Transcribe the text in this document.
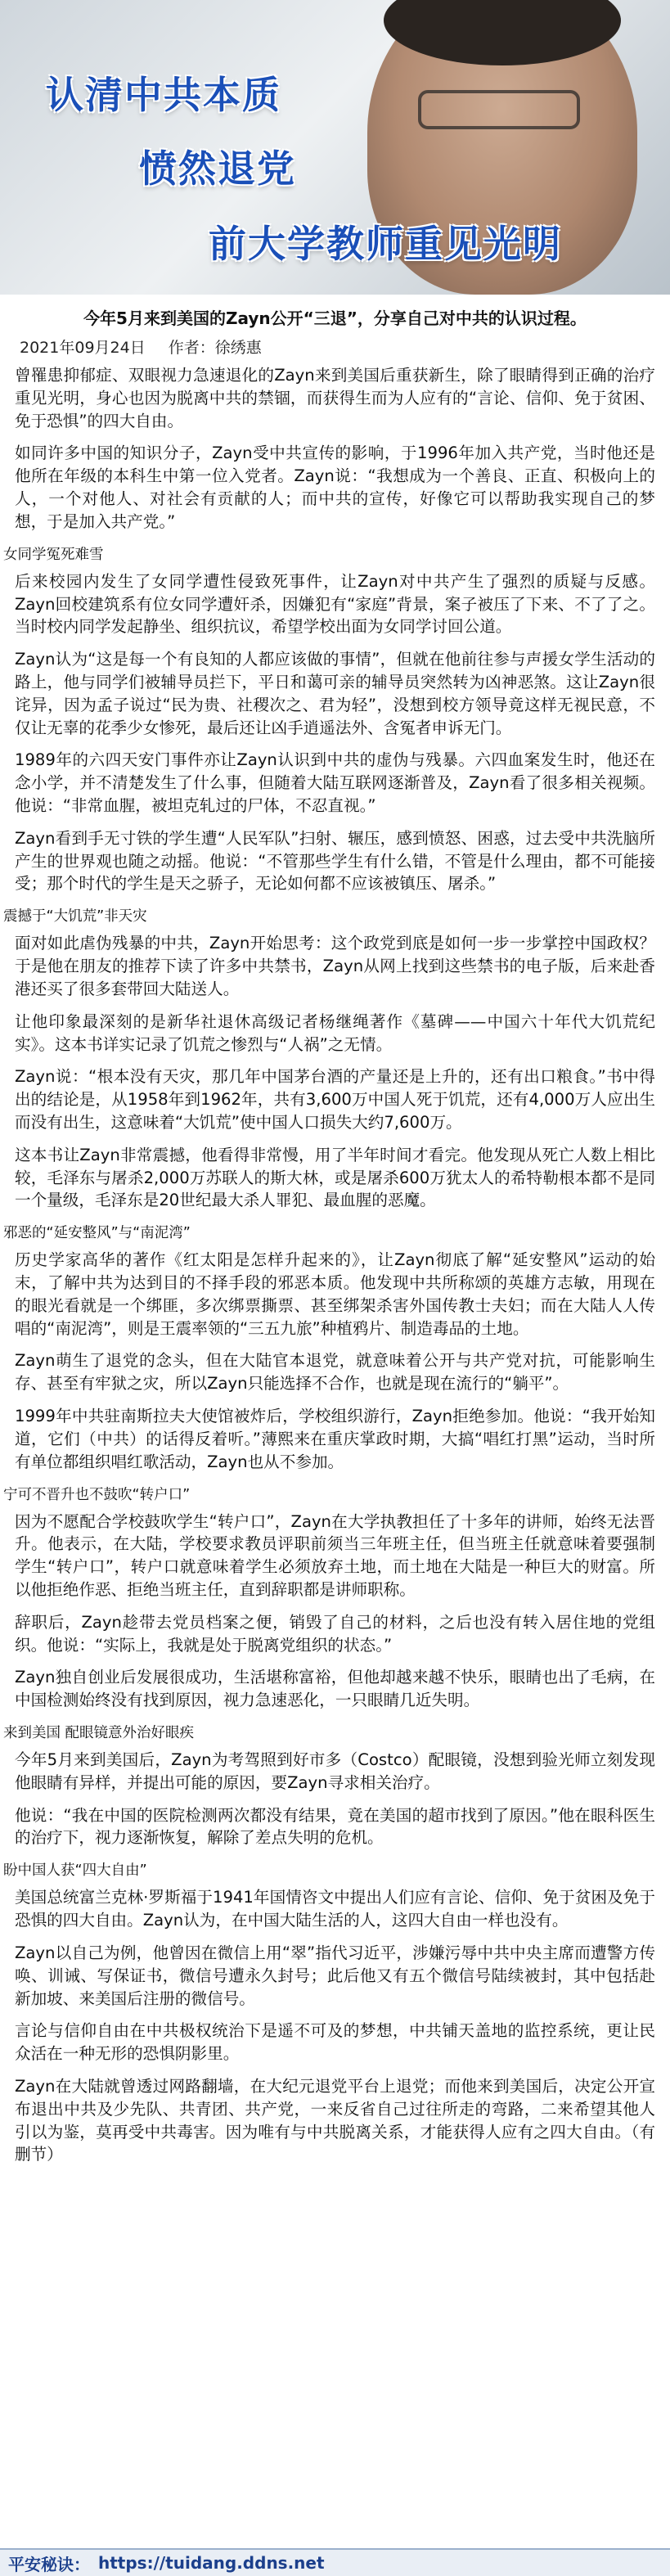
认清中共本质
愤然退党
前大学教师重见光明
今年5月来到美国的Zayn公开“三退”，分享自己对中共的认识过程。
2021年09月24日 作者：徐绣惠

曾罹患抑郁症、双眼视力急速退化的Zayn来到美国后重获新生，除了眼睛得到正确的治疗重见光明，身心也因为脱离中共的禁锢，而获得生而为人应有的“言论、信仰、免于贫困、免于恐惧”的四大自由。

如同许多中国的知识分子，Zayn受中共宣传的影响，于1996年加入共产党，当时他还是他所在年级的本科生中第一位入党者。Zayn说：“我想成为一个善良、正直、积极向上的人，一个对他人、对社会有贡献的人；而中共的宣传，好像它可以帮助我实现自己的梦想，于是加入共产党。”

女同学冤死难雪

后来校园内发生了女同学遭性侵致死事件，让Zayn对中共产生了强烈的质疑与反感。Zayn回校建筑系有位女同学遭奸杀，因嫌犯有“家庭”背景，案子被压了下来、不了了之。当时校内同学发起静坐、组织抗议，希望学校出面为女同学讨回公道。

Zayn认为“这是每一个有良知的人都应该做的事情”，但就在他前往参与声援女学生活动的路上，他与同学们被辅导员拦下，平日和蔼可亲的辅导员突然转为凶神恶煞。这让Zayn很诧异，因为孟子说过“民为贵、社稷次之、君为轻”，没想到校方领导竟这样无视民意，不仅让无辜的花季少女惨死，最后还让凶手逍遥法外、含冤者申诉无门。

1989年的六四天安门事件亦让Zayn认识到中共的虚伪与残暴。六四血案发生时，他还在念小学，并不清楚发生了什么事，但随着大陆互联网逐渐普及，Zayn看了很多相关视频。他说：“非常血腥，被坦克轧过的尸体，不忍直视。”

Zayn看到手无寸铁的学生遭“人民军队”扫射、辗压，感到愤怒、困惑，过去受中共洗脑所产生的世界观也随之动摇。他说：“不管那些学生有什么错，不管是什么理由，都不可能接受；那个时代的学生是天之骄子，无论如何都不应该被镇压、屠杀。”

震撼于“大饥荒”非天灾

面对如此虐伪残暴的中共，Zayn开始思考：这个政党到底是如何一步一步掌控中国政权？于是他在朋友的推荐下读了许多中共禁书，Zayn从网上找到这些禁书的电子版，后来赴香港还买了很多套带回大陆送人。

让他印象最深刻的是新华社退休高级记者杨继绳著作《墓碑——中国六十年代大饥荒纪实》。这本书详实记录了饥荒之惨烈与“人祸”之无情。

Zayn说：“根本没有天灾，那几年中国茅台酒的产量还是上升的，还有出口粮食。”书中得出的结论是，从1958年到1962年，共有3,600万中国人死于饥荒，还有4,000万人应出生而没有出生，这意味着“大饥荒”使中国人口损失大约7,600万。

这本书让Zayn非常震撼，他看得非常慢，用了半年时间才看完。他发现从死亡人数上相比较，毛泽东与屠杀2,000万苏联人的斯大林，或是屠杀600万犹太人的希特勒根本都不是同一个量级，毛泽东是20世纪最大杀人罪犯、最血腥的恶魔。

邪恶的“延安整风”与“南泥湾”

历史学家高华的著作《红太阳是怎样升起来的》，让Zayn彻底了解“延安整风”运动的始末，了解中共为达到目的不择手段的邪恶本质。他发现中共所称颂的英雄方志敏，用现在的眼光看就是一个绑匪，多次绑票撕票、甚至绑架杀害外国传教士夫妇；而在大陆人人传唱的“南泥湾”，则是王震率领的“三五九旅”种植鸦片、制造毒品的土地。

Zayn萌生了退党的念头，但在大陆官本退党，就意味着公开与共产党对抗，可能影响生存、甚至有牢狱之灾，所以Zayn只能选择不合作，也就是现在流行的“躺平”。

1999年中共驻南斯拉夫大使馆被炸后，学校组织游行，Zayn拒绝参加。他说：“我开始知道，它们（中共）的话得反着听。”薄熙来在重庆掌政时期，大搞“唱红打黑”运动，当时所有单位都组织唱红歌活动，Zayn也从不参加。

宁可不晋升也不鼓吹“转户口”

因为不愿配合学校鼓吹学生“转户口”，Zayn在大学执教担任了十多年的讲师，始终无法晋升。他表示，在大陆，学校要求教员评职前须当三年班主任，但当班主任就意味着要强制学生“转户口”，转户口就意味着学生必须放弃土地，而土地在大陆是一种巨大的财富。所以他拒绝作恶、拒绝当班主任，直到辞职都是讲师职称。

辞职后，Zayn趁带去党员档案之便，销毁了自己的材料，之后也没有转入居住地的党组织。他说：“实际上，我就是处于脱离党组织的状态。”

Zayn独自创业后发展很成功，生活堪称富裕，但他却越来越不快乐，眼睛也出了毛病，在中国检测始终没有找到原因，视力急速恶化，一只眼睛几近失明。

来到美国 配眼镜意外治好眼疾

今年5月来到美国后，Zayn为考驾照到好市多（Costco）配眼镜，没想到验光师立刻发现他眼睛有异样，并提出可能的原因，要Zayn寻求相关治疗。

他说：“我在中国的医院检测两次都没有结果，竟在美国的超市找到了原因。”他在眼科医生的治疗下，视力逐渐恢复，解除了差点失明的危机。

盼中国人获“四大自由”

美国总统富兰克林·罗斯福于1941年国情咨文中提出人们应有言论、信仰、免于贫困及免于恐惧的四大自由。Zayn认为，在中国大陆生活的人，这四大自由一样也没有。

Zayn以自己为例，他曾因在微信上用“翠”指代习近平，涉嫌污辱中共中央主席而遭警方传唤、训诫、写保证书，微信号遭永久封号；此后他又有五个微信号陆续被封，其中包括赴新加坡、来美国后注册的微信号。

言论与信仰自由在中共极权统治下是遥不可及的梦想，中共铺天盖地的监控系统，更让民众活在一种无形的恐惧阴影里。

Zayn在大陆就曾透过网路翻墙，在大纪元退党平台上退党；而他来到美国后，决定公开宣布退出中共及少先队、共青团、共产党，一来反省自己过往所走的弯路，二来希望其他人引以为鉴，莫再受中共毒害。因为唯有与中共脱离关系，才能获得人应有之四大自由。（有删节）

平安秘诀： https://tuidang.ddns.net
